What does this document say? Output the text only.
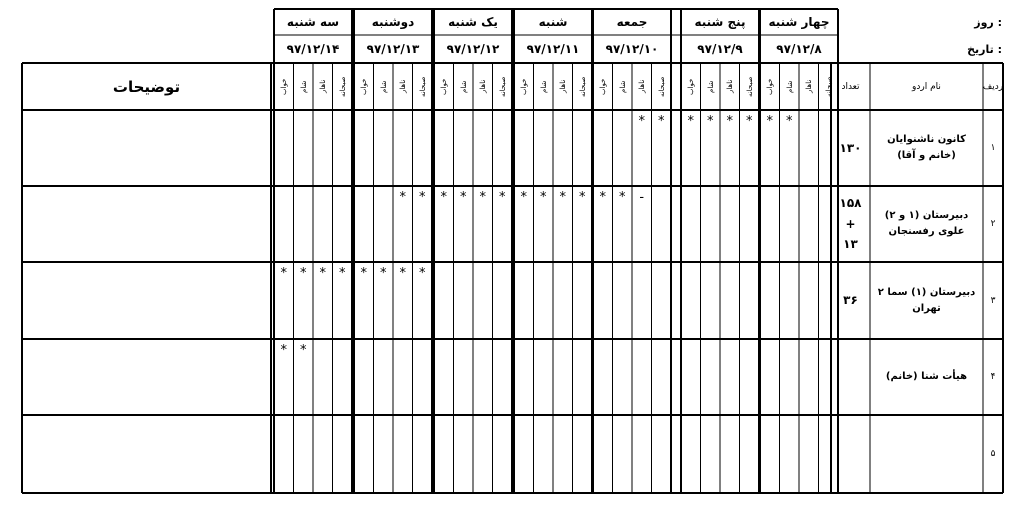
چهار شنبه
۹۷/۱۲/۸
صبحانه
ناهار
شام
*
خواب
*
پنج شنبه
۹۷/۱۲/۹
صبحانه
*
ناهار
*
شام
*
خواب
*
جمعه
۹۷/۱۲/۱۰
صبحانه
*
ناهار
*
-
شام
*
خواب
*
شنبه
۹۷/۱۲/۱۱
صبحانه
*
ناهار
*
شام
*
خواب
*
یک شنبه
۹۷/۱۲/۱۲
صبحانه
*
ناهار
*
شام
*
خواب
*
دوشنبه
۹۷/۱۲/۱۳
صبحانه
*
*
ناهار
*
*
شام
*
خواب
*
سه شنبه
۹۷/۱۲/۱۴
صبحانه
*
ناهار
*
شام
*
*
خواب
*
*
ردیف
نام اردو
تعداد
توضیحات
روز :
تاریخ :
۱
کانون ناشنوایان
(خانم و آقا)
۱۳۰
۲
دبیرستان (۱ و ۲)
علوی رفسنجان
۱۵۸
+
۱۳
۳
دبیرستان (۱) سما ۲
تهران
۳۶
۴
هیأت شنا (خانم)
۵
